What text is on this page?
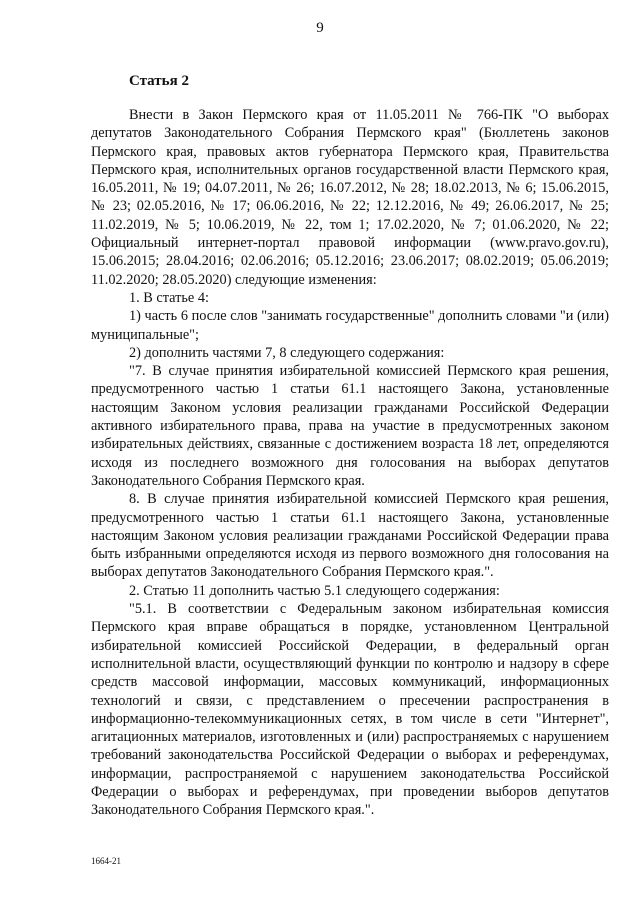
9
Статья 2

Внести в Закон Пермского края от 11.05.2011 № 766-ПК "О выборах депутатов Законодательного Собрания Пермского края" (Бюллетень законов Пермского края, правовых актов губернатора Пермского края, Правительства Пермского края, исполнительных органов государственной власти Пермского края, 16.05.2011, № 19; 04.07.2011, № 26; 16.07.2012, № 28; 18.02.2013, № 6; 15.06.2015, № 23; 02.05.2016, № 17; 06.06.2016, № 22; 12.12.2016, № 49; 26.06.2017, № 25; 11.02.2019, № 5; 10.06.2019, № 22, том 1; 17.02.2020, № 7; 01.06.2020, № 22; Официальный интернет-портал правовой информации (www.pravo.gov.ru), 15.06.2015; 28.04.2016; 02.06.2016; 05.12.2016; 23.06.2017; 08.02.2019; 05.06.2019; 11.02.2020; 28.05.2020) следующие изменения:

1. В статье 4:

1) часть 6 после слов "занимать государственные" дополнить словами "и (или) муниципальные";

2) дополнить частями 7, 8 следующего содержания:

"7. В случае принятия избирательной комиссией Пермского края решения, предусмотренного частью 1 статьи 61.1 настоящего Закона, установленные настоящим Законом условия реализации гражданами Российской Федерации активного избирательного права, права на участие в предусмотренных законом избирательных действиях, связанные с достижением возраста 18 лет, определяются исходя из последнего возможного дня голосования на выборах депутатов Законодательного Собрания Пермского края.

8. В случае принятия избирательной комиссией Пермского края решения, предусмотренного частью 1 статьи 61.1 настоящего Закона, установленные настоящим Законом условия реализации гражданами Российской Федерации права быть избранными определяются исходя из первого возможного дня голосования на выборах депутатов Законодательного Собрания Пермского края.".

2. Статью 11 дополнить частью 5.1 следующего содержания:

"5.1. В соответствии с Федеральным законом избирательная комиссия Пермского края вправе обращаться в порядке, установленном Центральной избирательной комиссией Российской Федерации, в федеральный орган исполнительной власти, осуществляющий функции по контролю и надзору в сфере средств массовой информации, массовых коммуникаций, информационных технологий и связи, с представлением о пресечении распространения в информационно-телекоммуникационных сетях, в том числе в сети "Интернет", агитационных материалов, изготовленных и (или) распространяемых с нарушением требований законодательства Российской Федерации о выборах и референдумах, информации, распространяемой с нарушением законодательства Российской Федерации о выборах и референдумах, при проведении выборов депутатов Законодательного Собрания Пермского края.".

1664-21
